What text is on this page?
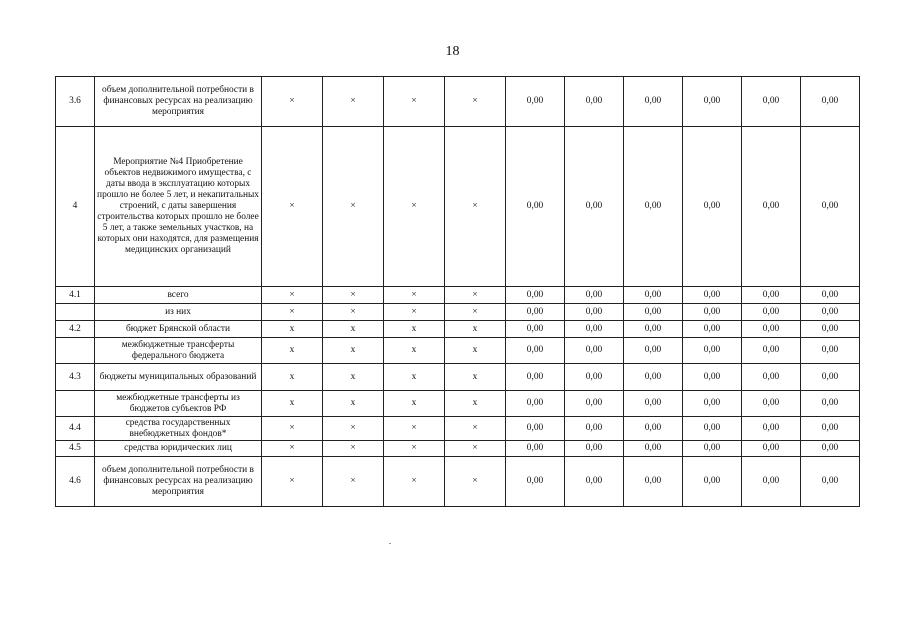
18
3.6	объем дополнительной потребности в финансовых ресурсах на реализацию мероприятия	×	×	×	×	0,00	0,00	0,00	0,00	0,00	0,00
4	Мероприятие №4 Приобретение объектов недвижимого имущества, с даты ввода в эксплуатацию которых прошло не более 5 лет, и некапитальных строений, с даты завершения строительства которых прошло не более 5 лет, а также земельных участков, на которых они находятся, для размещения медицинских организаций	×	×	×	×	0,00	0,00	0,00	0,00	0,00	0,00
4.1	всего	×	×	×	×	0,00	0,00	0,00	0,00	0,00	0,00
	из них	×	×	×	×	0,00	0,00	0,00	0,00	0,00	0,00
4.2	бюджет Брянской области	x	x	x	x	0,00	0,00	0,00	0,00	0,00	0,00
	межбюджетные трансферты федерального бюджета	x	x	x	x	0,00	0,00	0,00	0,00	0,00	0,00
4.3	бюджеты муниципальных образований	x	x	x	x	0,00	0,00	0,00	0,00	0,00	0,00
	межбюджетные трансферты из бюджетов субъектов РФ	x	x	x	x	0,00	0,00	0,00	0,00	0,00	0,00
4.4	средства государственных внебюджетных фондов*	×	×	×	×	0,00	0,00	0,00	0,00	0,00	0,00
4.5	средства юридических лиц	×	×	×	×	0,00	0,00	0,00	0,00	0,00	0,00
4.6	объем дополнительной потребности в финансовых ресурсах на реализацию мероприятия	×	×	×	×	0,00	0,00	0,00	0,00	0,00	0,00
